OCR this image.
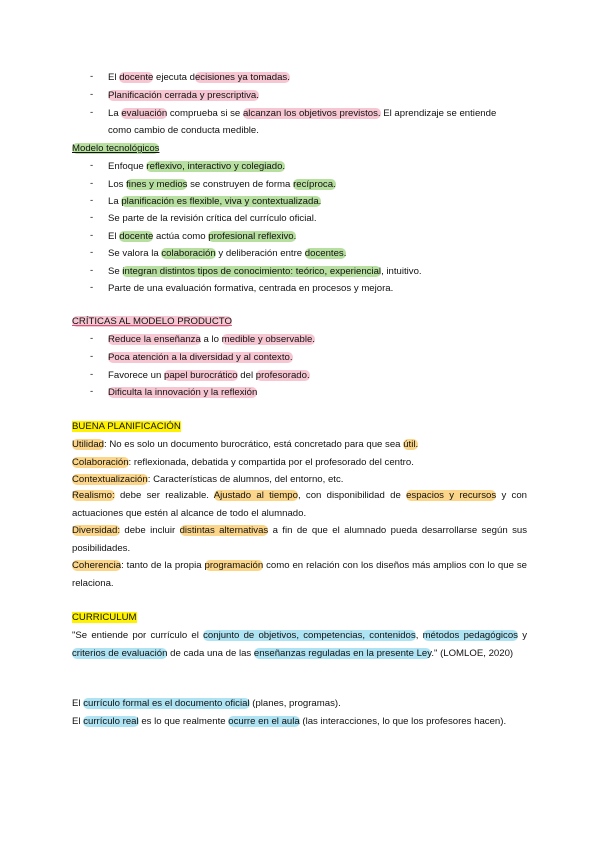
- El docente ejecuta decisiones ya tomadas.
- Planificación cerrada y prescriptiva.
- La evaluación comprueba si se alcanzan los objetivos previstos. El aprendizaje se entiende
como cambio de conducta medible.
Modelo tecnológicos
- Enfoque reflexivo, interactivo y colegiado.
- Los fines y medios se construyen de forma recíproca.
- La planificación es flexible, viva y contextualizada.
- Se parte de la revisión crítica del currículo oficial.
- El docente actúa como profesional reflexivo.
- Se valora la colaboración y deliberación entre docentes.
- Se integran distintos tipos de conocimiento: teórico, experiencial, intuitivo.
- Parte de una evaluación formativa, centrada en procesos y mejora.
CRÍTICAS AL MODELO PRODUCTO
- Reduce la enseñanza a lo medible y observable.
- Poca atención a la diversidad y al contexto.
- Favorece un papel burocrático del profesorado.
- Dificulta la innovación y la reflexión
BUENA PLANIFICACIÓN
Utilidad: No es solo un documento burocrático, está concretado para que sea útil.
Colaboración: reflexionada, debatida y compartida por el profesorado del centro.
Contextualización: Características de alumnos, del entorno, etc.
Realismo: debe ser realizable. Ajustado al tiempo, con disponibilidad de espacios y recursos y con actuaciones que estén al alcance de todo el alumnado.
Diversidad: debe incluir distintas alternativas a fin de que el alumnado pueda desarrollarse según sus posibilidades.
Coherencia: tanto de la propia programación como en relación con los diseños más amplios con lo que se relaciona.
CURRICULUM
"Se entiende por currículo el conjunto de objetivos, competencias, contenidos, métodos pedagógicos y criterios de evaluación de cada una de las enseñanzas reguladas en la presente Ley." (LOMLOE, 2020)
El currículo formal es el documento oficial (planes, programas).
El currículo real es lo que realmente ocurre en el aula (las interacciones, lo que los profesores hacen).
